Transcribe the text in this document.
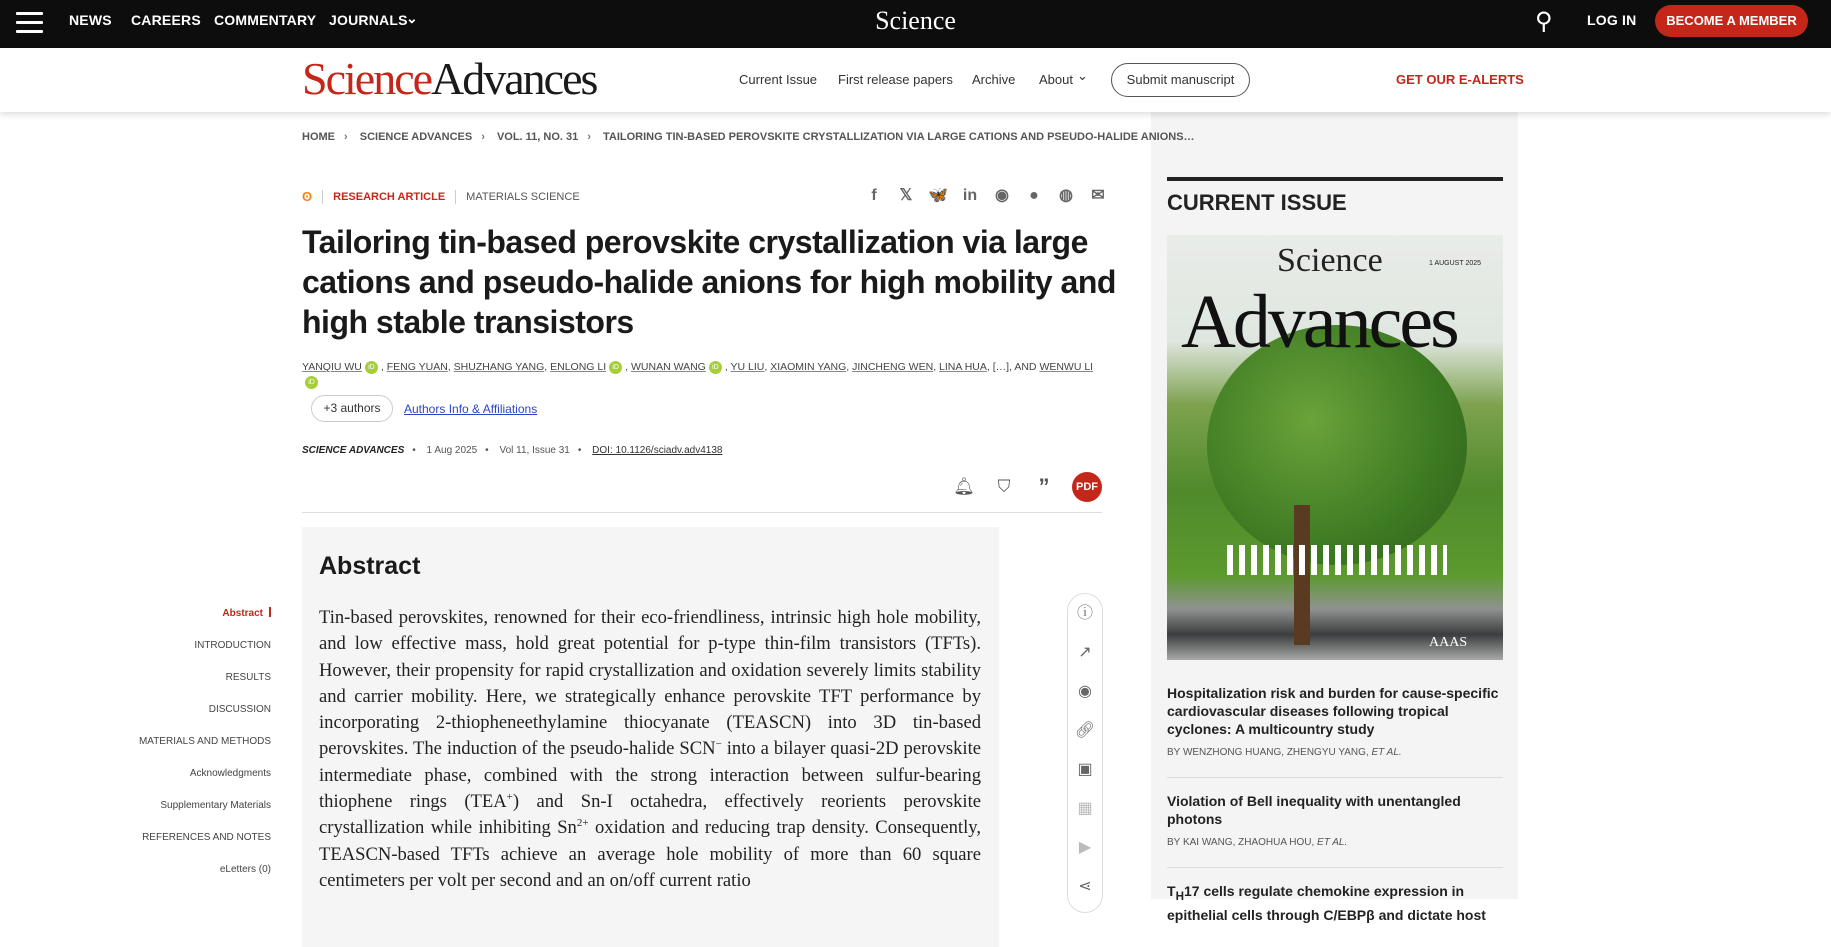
NEWS CAREERS COMMENTARY JOURNALS
⌄	Science	⚲ LOG IN	BECOME A MEMBER
ScienceAdvances	Current Issue First release papers Archive About ⌄	Submit manuscript	GET OUR E-ALERTS
HOME › SCIENCE ADVANCES › VOL. 11, NO. 31 › TAILORING TIN-BASED PEROVSKITE CRYSTALLIZATION VIA LARGE CATIONS AND PSEUDO-HALIDE ANIONS…
ʘ RESEARCH ARTICLE MATERIALS SCIENCE	f	𝕏 🦋 in ◉	●	◍ ✉
Tailoring tin-based perovskite crystallization via large cations and pseudo-halide anions for high mobility and high stable transistors
YANQIU WU iD , FENG YUAN, SHUZHANG YANG, ENLONG LI iD , WUNAN WANG iD , YU LIU, XIAOMIN YANG, JINCHENG WEN, LINA HUA, […], AND WENWU LIiD
+3 authors	Authors Info & Affiliations
SCIENCE ADVANCES • 1 Aug 2025 • Vol 11, Issue 31 • DOI: 10.1126/sciadv.adv4138
🔔︎	⛉ ”	PDF
Abstract

Tin-based perovskites, renowned for their eco-friendliness, intrinsic high hole mobility, and low effective mass, hold great potential for p-type thin-film transistors (TFTs). However, their propensity for rapid crystallization and oxidation severely limits stability and carrier mobility. Here, we strategically enhance perovskite TFT performance by incorporating 2-thiopheneethylamine thiocyanate (TEASCN) into 3D tin-based perovskites. The induction of the pseudo-halide SCN− into a bilayer quasi-2D perovskite intermediate phase, combined with the strong interaction between sulfur-bearing thiophene rings (TEA+) and Sn-I octahedra, effectively reorients perovskite crystallization while inhibiting $Sn^{2+}$ oxidation and reducing trap density. Consequently, TEASCN-based TFTs achieve an average hole mobility of more than 60 square centimeters per volt per second and an on/off current ratio

Abstract
INTRODUCTION
RESULTS
DISCUSSION
MATERIALS AND METHODS
Acknowledgments
Supplementary Materials
REFERENCES AND NOTES
eLetters (0)
ⓘ
↗
◉
🔗︎
▣
▦
▶
⋖
CURRENT ISSUE
Science
Advances
1 AUGUST 2025
AAAS
Hospitalization risk and burden for cause-specific cardiovascular diseases following tropical cyclones: A multicountry study
BY WENZHONG HUANG, ZHENGYU YANG, ET AL.
Violation of Bell inequality with unentangled photons
BY KAI WANG, ZHAOHUA HOU, ET AL.
$T_H17$ cells regulate chemokine expression in epithelial cells through C/EBPβ and dictate host
